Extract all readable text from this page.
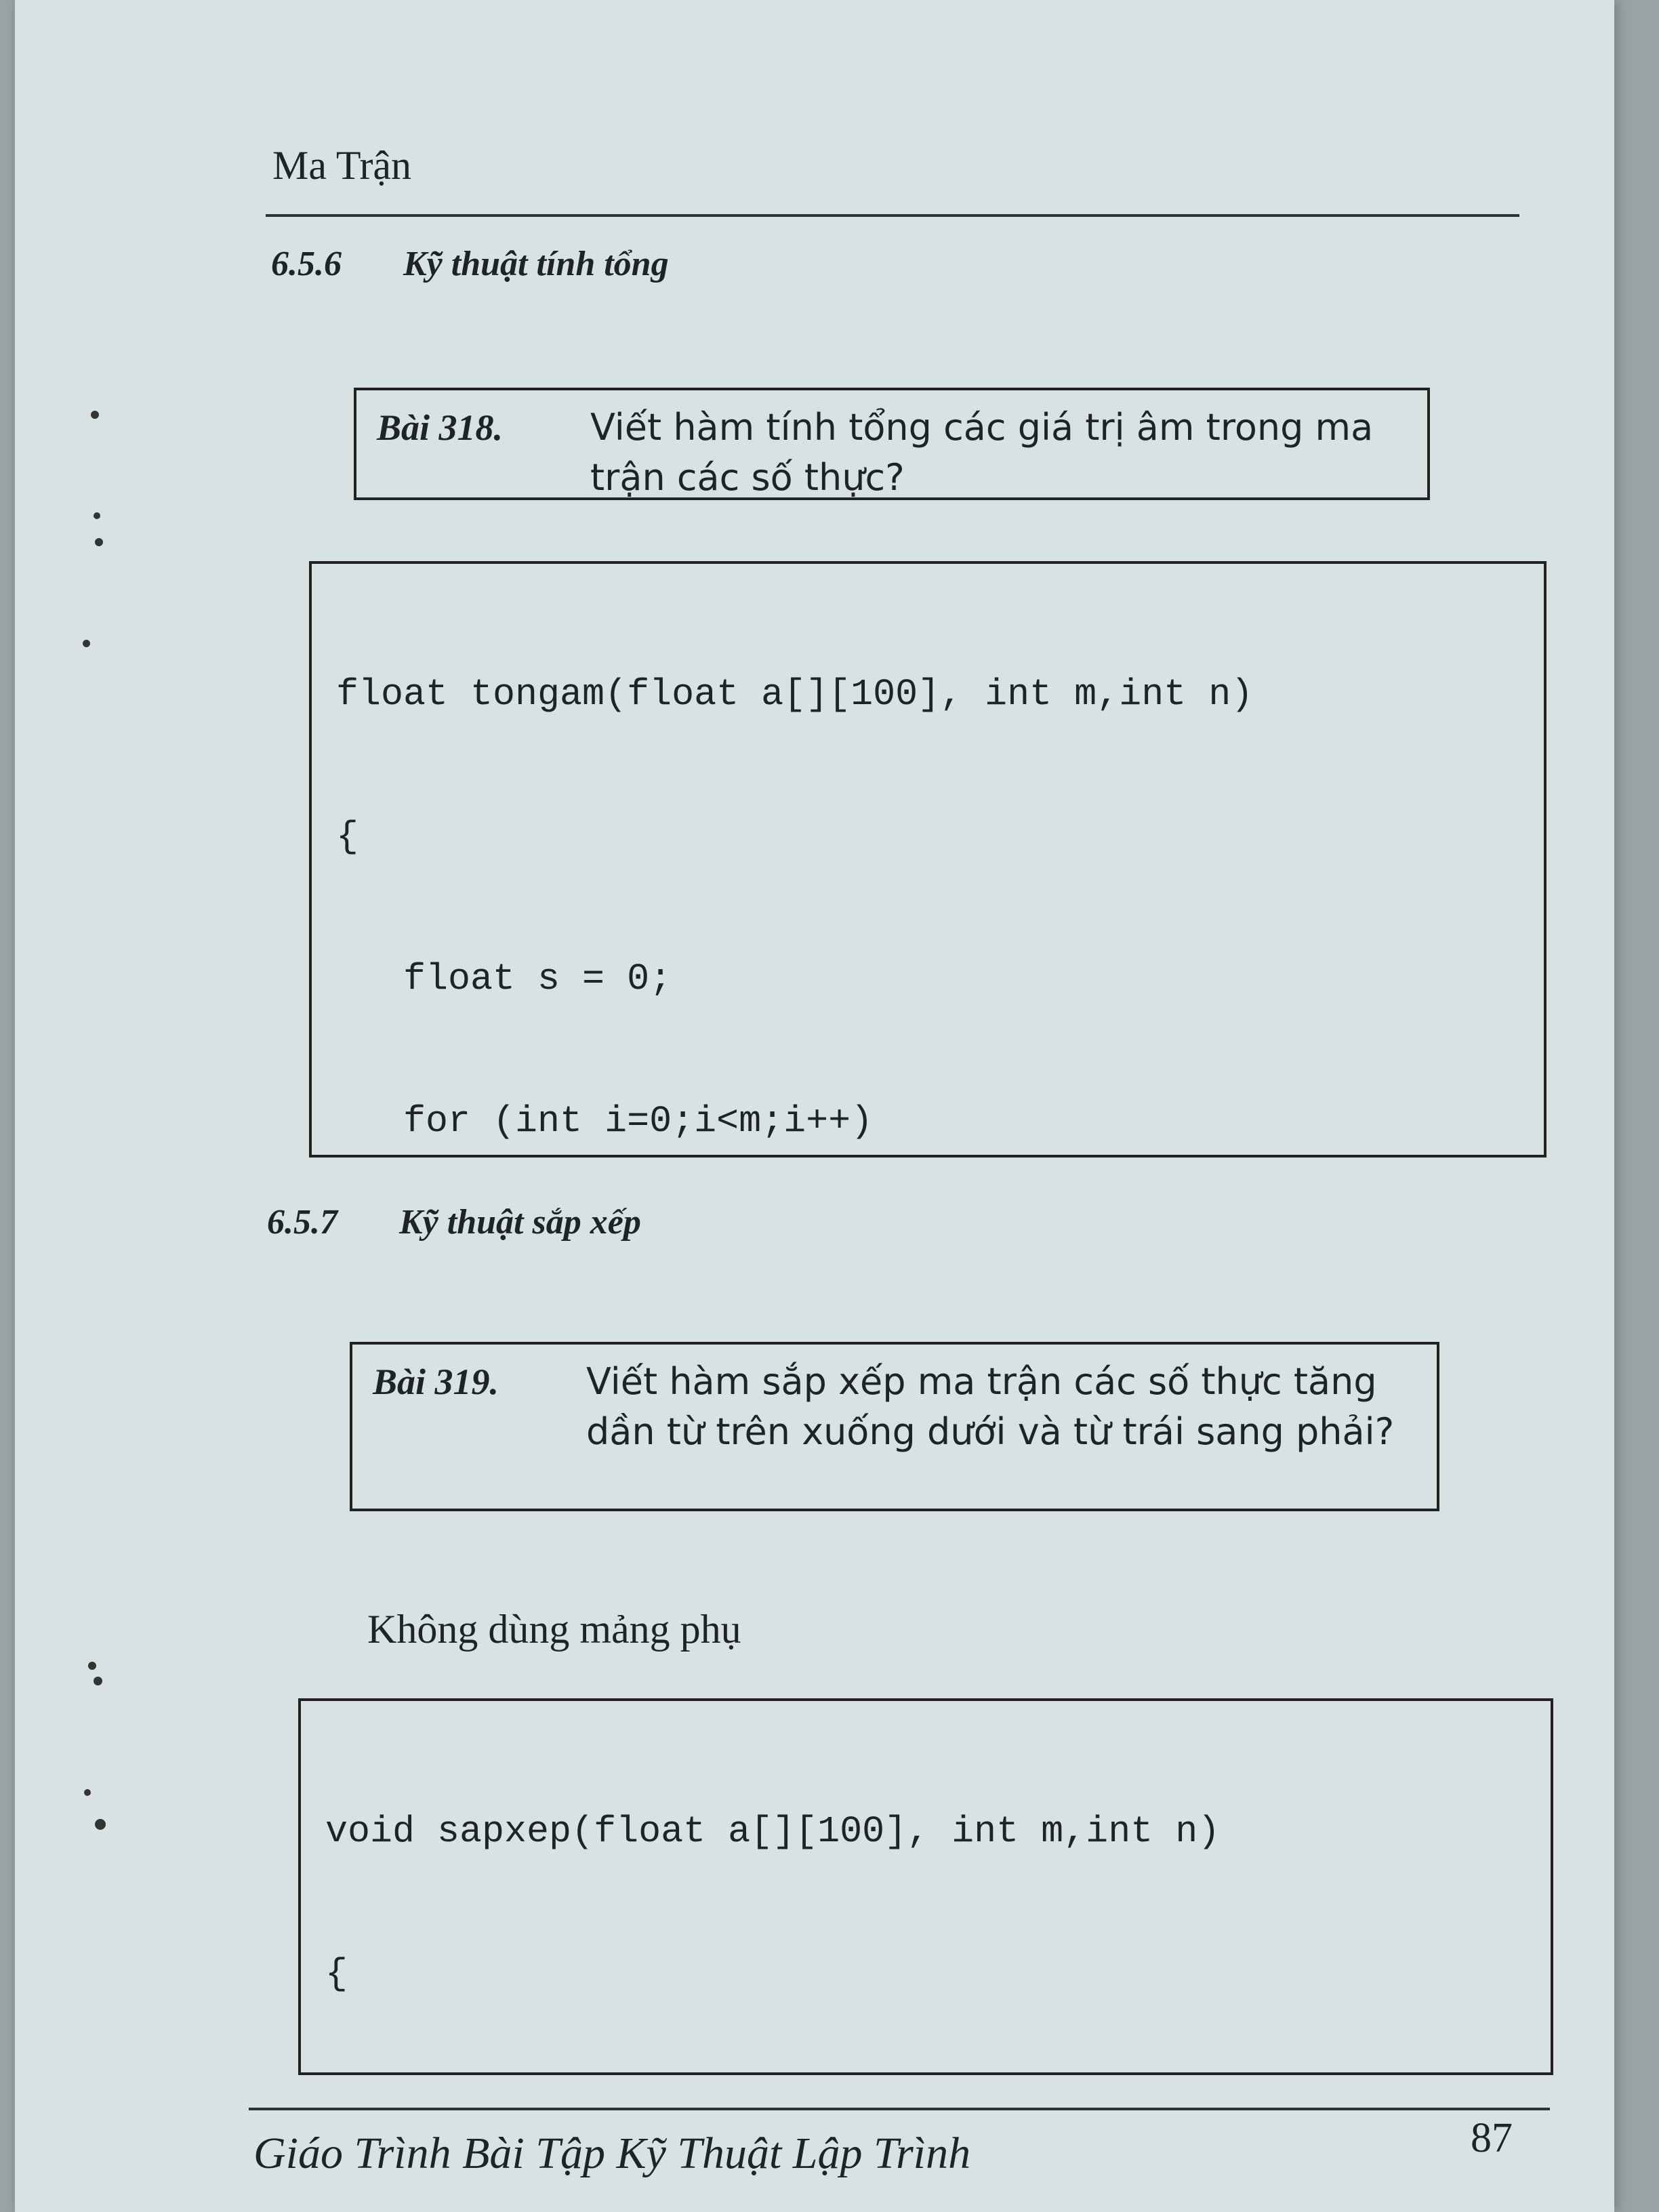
Ma Trận
6.5.6 Kỹ thuật tính tổng
Bài 318. Viết hàm tính tổng các giá trị âm trong ma trận các số thực?

float tongam(float a[][100], int m,int n)

{

float s = 0;

for (int i=0;i<m;i++)

6.5.7 Kỹ thuật sắp xếp
Bài 319. Viết hàm sắp xếp ma trận các số thực tăng dần từ trên xuống dưới và từ trái sang phải?
Không dùng mảng phụ

void sapxep(float a[][100], int m,int n)

{

Giáo Trình Bài Tập Kỹ Thuật Lập Trình	87
